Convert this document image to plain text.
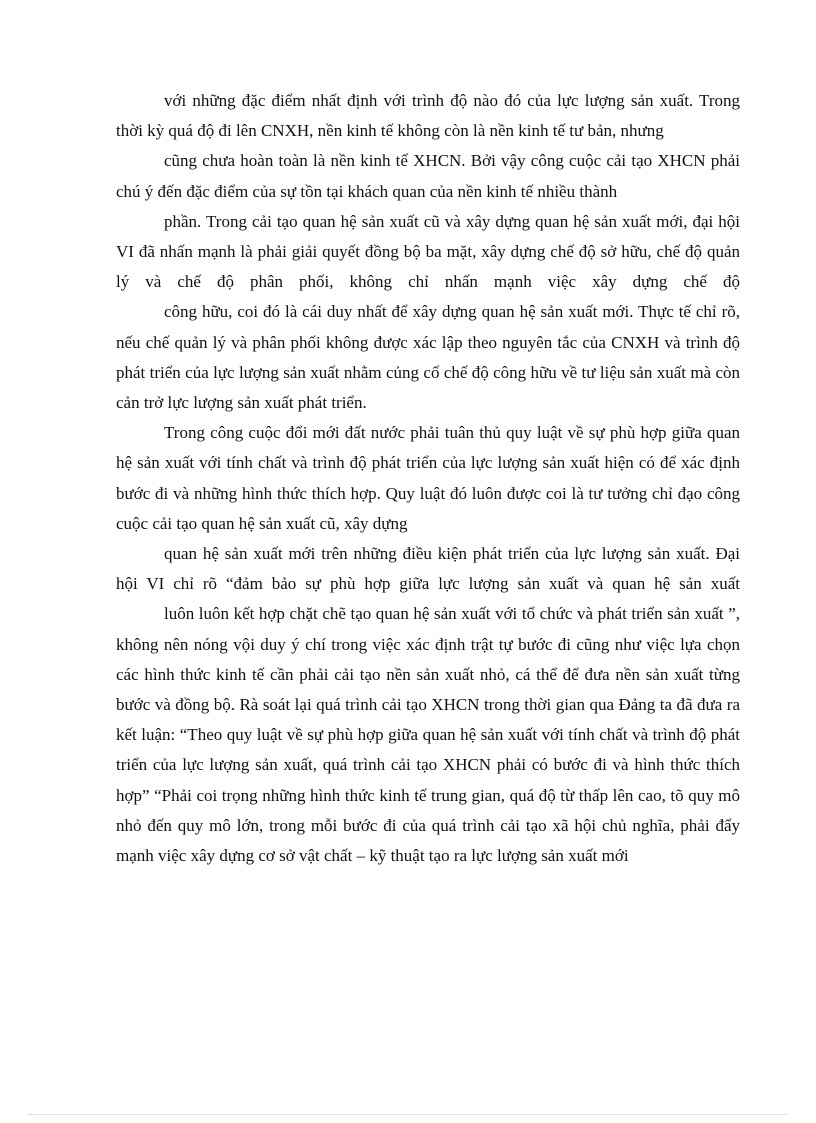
với những đặc điểm nhất định với trình độ nào đó của lực lượng sản xuất. Trong thời kỳ quá độ đi lên CNXH, nền kinh tế không còn là nền kinh tế tư bản, nhưng

cũng chưa hoàn toàn là nền kinh tế XHCN. Bởi vậy công cuộc cải tạo XHCN phải chú ý đến đặc điểm của sự tồn tại khách quan của nền kinh tế nhiều thành

phần. Trong cải tạo quan hệ sản xuất cũ và xây dựng quan hệ sản xuất mới, đại hội VI đã nhấn mạnh là phải giải quyết đồng bộ ba mặt, xây dựng chế độ sở hữu, chế độ quản lý và chế độ phân phối, không chỉ nhấn mạnh việc xây dựng chế độ

công hữu, coi đó là cái duy nhất để xây dựng quan hệ sản xuất mới. Thực tế chỉ rõ, nếu chế quản lý và phân phối không được xác lập theo nguyên tắc của CNXH và trình độ phát triển của lực lượng sản xuất nhằm củng cố chế độ công hữu về tư liệu sản xuất mà còn cản trở lực lượng sản xuất phát triển.

Trong công cuộc đổi mới đất nước phải tuân thủ quy luật về sự phù hợp giữa quan hệ sản xuất với tính chất và trình độ phát triển của lực lượng sản xuất hiện có để xác định bước đi và những hình thức thích hợp. Quy luật đó luôn được coi là tư tưởng chỉ đạo công cuộc cải tạo quan hệ sản xuất cũ, xây dựng

quan hệ sản xuất mới trên những điều kiện phát triển của lực lượng sản xuất. Đại hội VI chỉ rõ “đảm bảo sự phù hợp giữa lực lượng sản xuất và quan hệ sản xuất

luôn luôn kết hợp chặt chẽ tạo quan hệ sản xuất với tổ chức và phát triển sản xuất ”, không nên nóng vội duy ý chí trong việc xác định trật tự bước đi cũng như việc lựa chọn các hình thức kinh tế cần phải cải tạo nền sản xuất nhỏ, cá thể để đưa nền sản xuất từng bước và đồng bộ. Rà soát lại quá trình cải tạo XHCN trong thời gian qua Đảng ta đã đưa ra kết luận: “Theo quy luật về sự phù hợp giữa quan hệ sản xuất với tính chất và trình độ phát triển của lực lượng sản xuất, quá trình cải tạo XHCN phải có bước đi và hình thức thích hợp” “Phải coi trọng những hình thức kinh tế trung gian, quá độ từ thấp lên cao, tõ quy mô nhỏ đến quy mô lớn, trong mỗi bước đi của quá trình cải tạo xã hội chủ nghĩa, phải đẩy mạnh việc xây dựng cơ sở vật chất – kỹ thuật tạo ra lực lượng sản xuất mới
